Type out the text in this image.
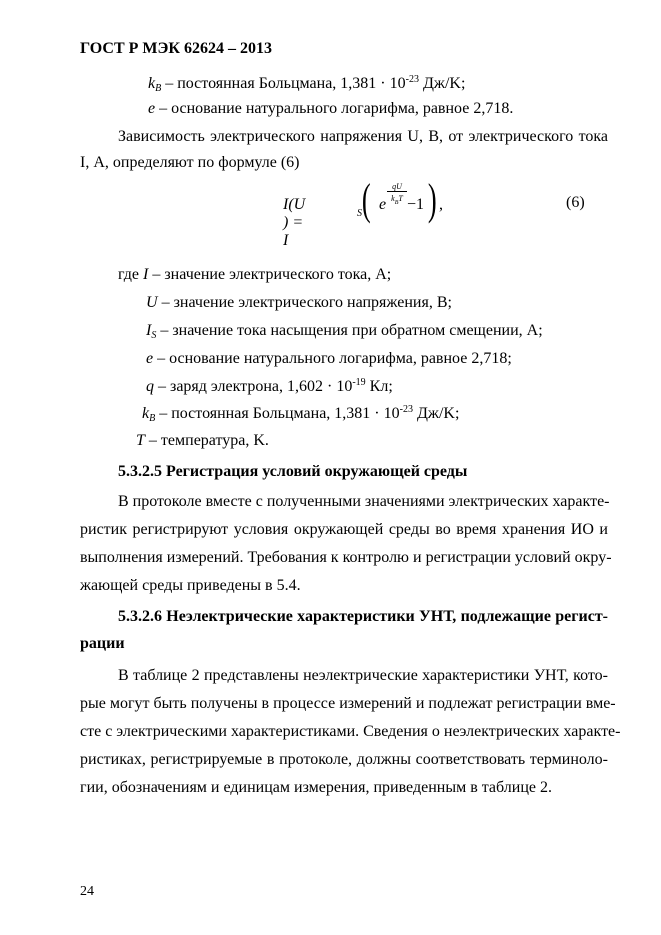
ГОСТ Р МЭК 62624 – 2013
$k_B$ – постоянная Больцмана, $1,381 \cdot 10^{-23}$ Дж/K;
e – основание натурального логарифма, равное 2,718.
Зависимость электрического напряжения U, В, от электрического тока
I, А, определяют по формуле (6)
I(U ) = I
S ( e
qU
$k_BT -1$ ) ,	(6)
где I – значение электрического тока, А;
U – значение электрического напряжения, В;
$I_S$ – значение тока насыщения при обратном смещении, А;
e – основание натурального логарифма, равное 2,718;
q – заряд электрона, $1,602 \cdot 10^{-19}$ Кл;
$k_B$ – постоянная Больцмана, $1,381 \cdot 10^{-23}$ Дж/K;
T – температура, K.
5.3.2.5 Регистрация условий окружающей среды
В протоколе вместе с полученными значениями электрических характе-
ристик регистрируют условия окружающей среды во время хранения ИО и
выполнения измерений. Требования к контролю и регистрации условий окру-
жающей среды приведены в 5.4.
5.3.2.6 Неэлектрические характеристики УНТ, подлежащие регист-
рации
В таблице 2 представлены неэлектрические характеристики УНТ, кото-
рые могут быть получены в процессе измерений и подлежат регистрации вме-
сте с электрическими характеристиками. Сведения о неэлектрических характе-
ристиках, регистрируемые в протоколе, должны соответствовать терминоло-
гии, обозначениям и единицам измерения, приведенным в таблице 2.
24
